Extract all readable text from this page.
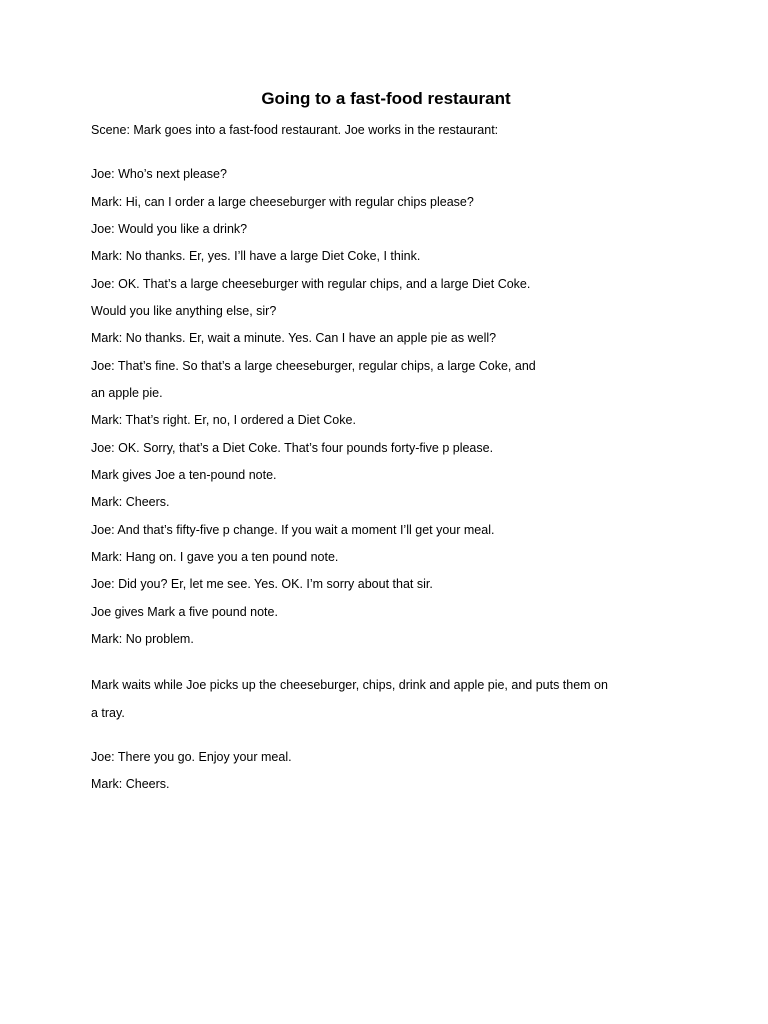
Going to a fast-food restaurant
Scene: Mark goes into a fast-food restaurant. Joe works in the restaurant:
Joe: Who’s next please?
Mark: Hi, can I order a large cheeseburger with regular chips please?
Joe: Would you like a drink?
Mark: No thanks. Er, yes. I’ll have a large Diet Coke, I think.
Joe: OK. That’s a large cheeseburger with regular chips, and a large Diet Coke.
Would you like anything else, sir?
Mark: No thanks. Er, wait a minute. Yes. Can I have an apple pie as well?
Joe: That’s fine. So that’s a large cheeseburger, regular chips, a large Coke, and
an apple pie.
Mark: That’s right. Er, no, I ordered a Diet Coke.
Joe: OK. Sorry, that’s a Diet Coke. That’s four pounds forty-five p please.
Mark gives Joe a ten-pound note.
Mark: Cheers.
Joe: And that’s fifty-five p change. If you wait a moment I’ll get your meal.
Mark: Hang on. I gave you a ten pound note.
Joe: Did you? Er, let me see. Yes. OK. I’m sorry about that sir.
Joe gives Mark a five pound note.
Mark: No problem.
Mark waits while Joe picks up the cheeseburger, chips, drink and apple pie, and puts them on
a tray.
Joe: There you go. Enjoy your meal.
Mark: Cheers.
